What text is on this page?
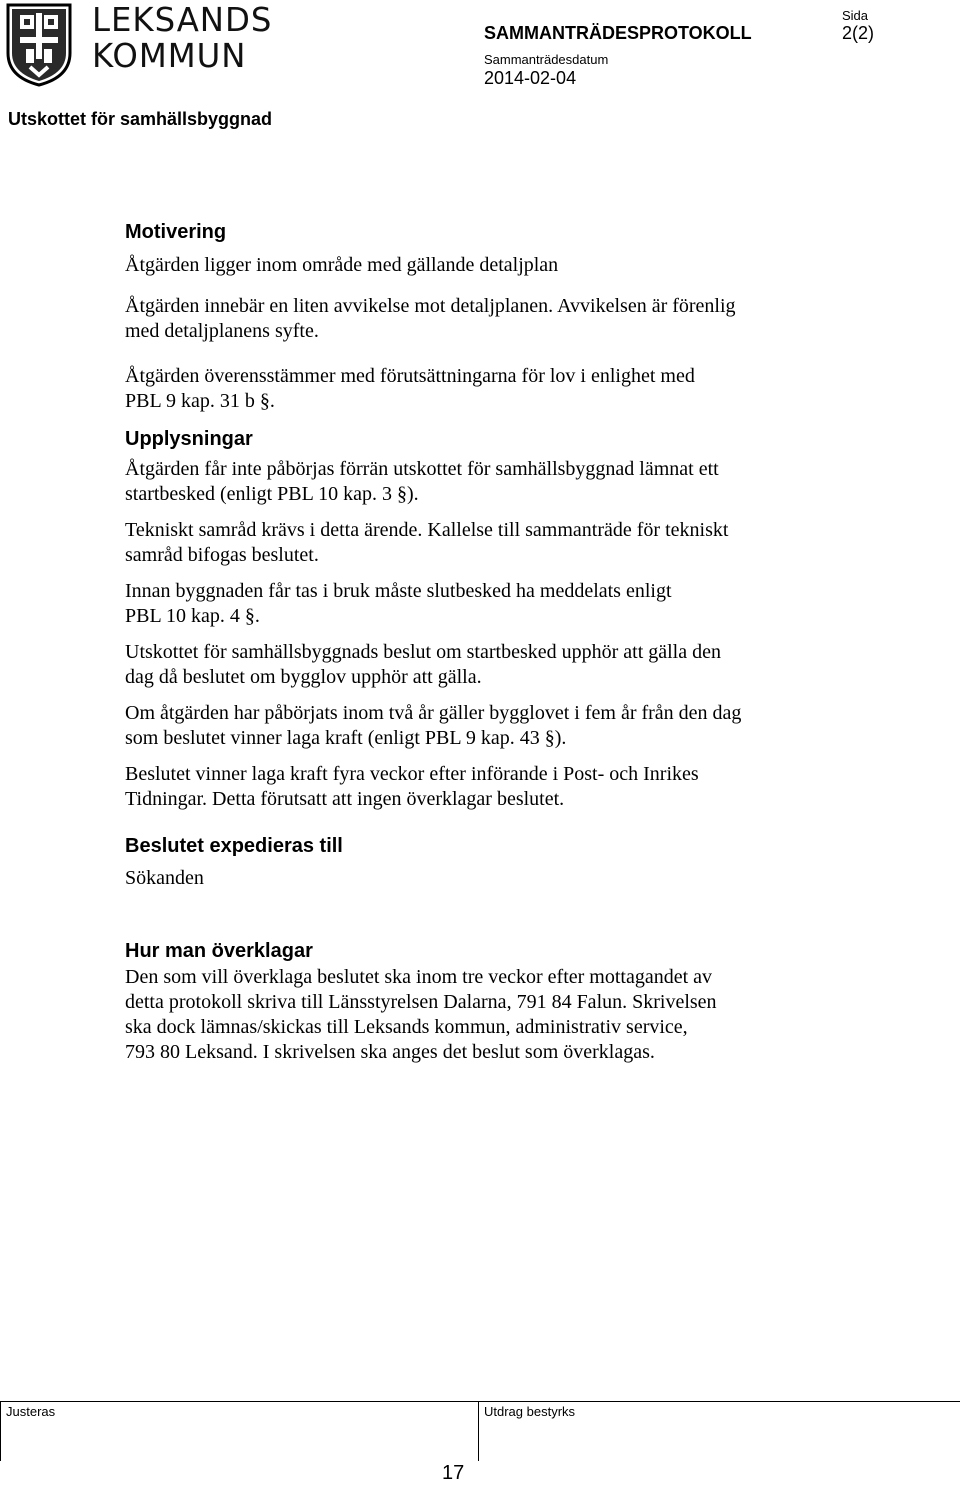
LEKSANDS
KOMMUN
SAMMANTRÄDESPROTOKOLL
Sammanträdesdatum
2014-02-04
Sida
2(2)
Utskottet för samhällsbyggnad
Motivering

Åtgärden ligger inom område med gällande detaljplan

Åtgärden innebär en liten avvikelse mot detaljplanen. Avvikelsen är förenlig

med detaljplanens syfte.

Åtgärden överensstämmer med förutsättningarna för lov i enlighet med

PBL 9 kap. 31 b §.

Upplysningar

Åtgärden får inte påbörjas förrän utskottet för samhällsbyggnad lämnat ett

startbesked (enligt PBL 10 kap. 3 §).

Tekniskt samråd krävs i detta ärende. Kallelse till sammanträde för tekniskt

samråd bifogas beslutet.

Innan byggnaden får tas i bruk måste slutbesked ha meddelats enligt

PBL 10 kap. 4 §.

Utskottet för samhällsbyggnads beslut om startbesked upphör att gälla den

dag då beslutet om bygglov upphör att gälla.

Om åtgärden har påbörjats inom två år gäller bygglovet i fem år från den dag

som beslutet vinner laga kraft (enligt PBL 9 kap. 43 §).

Beslutet vinner laga kraft fyra veckor efter införande i Post- och Inrikes

Tidningar. Detta förutsatt att ingen överklagar beslutet.

Beslutet expedieras till

Sökanden

Hur man överklagar

Den som vill överklaga beslutet ska inom tre veckor efter mottagandet av

detta protokoll skriva till Länsstyrelsen Dalarna, 791 84 Falun. Skrivelsen

ska dock lämnas/skickas till Leksands kommun, administrativ service,

793 80 Leksand. I skrivelsen ska anges det beslut som överklagas.

Justeras	Utdrag bestyrks
17
